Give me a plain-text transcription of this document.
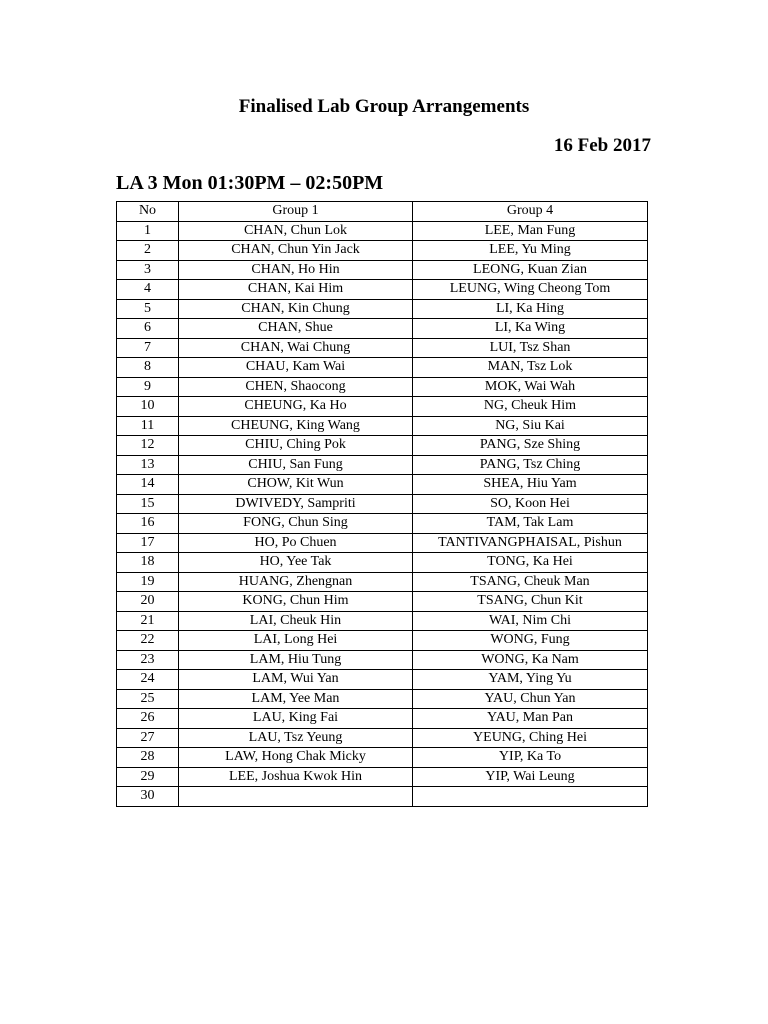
Finalised Lab Group Arrangements
16 Feb 2017
LA 3 Mon 01:30PM – 02:50PM
No	Group 1	Group 4
1	CHAN, Chun Lok	LEE, Man Fung
2	CHAN, Chun Yin Jack	LEE, Yu Ming
3	CHAN, Ho Hin	LEONG, Kuan Zian
4	CHAN, Kai Him	LEUNG, Wing Cheong Tom
5	CHAN, Kin Chung	LI, Ka Hing
6	CHAN, Shue	LI, Ka Wing
7	CHAN, Wai Chung	LUI, Tsz Shan
8	CHAU, Kam Wai	MAN, Tsz Lok
9	CHEN, Shaocong	MOK, Wai Wah
10	CHEUNG, Ka Ho	NG, Cheuk Him
11	CHEUNG, King Wang	NG, Siu Kai
12	CHIU, Ching Pok	PANG, Sze Shing
13	CHIU, San Fung	PANG, Tsz Ching
14	CHOW, Kit Wun	SHEA, Hiu Yam
15	DWIVEDY, Sampriti	SO, Koon Hei
16	FONG, Chun Sing	TAM, Tak Lam
17	HO, Po Chuen	TANTIVANGPHAISAL, Pishun
18	HO, Yee Tak	TONG, Ka Hei
19	HUANG, Zhengnan	TSANG, Cheuk Man
20	KONG, Chun Him	TSANG, Chun Kit
21	LAI, Cheuk Hin	WAI, Nim Chi
22	LAI, Long Hei	WONG, Fung
23	LAM, Hiu Tung	WONG, Ka Nam
24	LAM, Wui Yan	YAM, Ying Yu
25	LAM, Yee Man	YAU, Chun Yan
26	LAU, King Fai	YAU, Man Pan
27	LAU, Tsz Yeung	YEUNG, Ching Hei
28	LAW, Hong Chak Micky	YIP, Ka To
29	LEE, Joshua Kwok Hin	YIP, Wai Leung
30		
